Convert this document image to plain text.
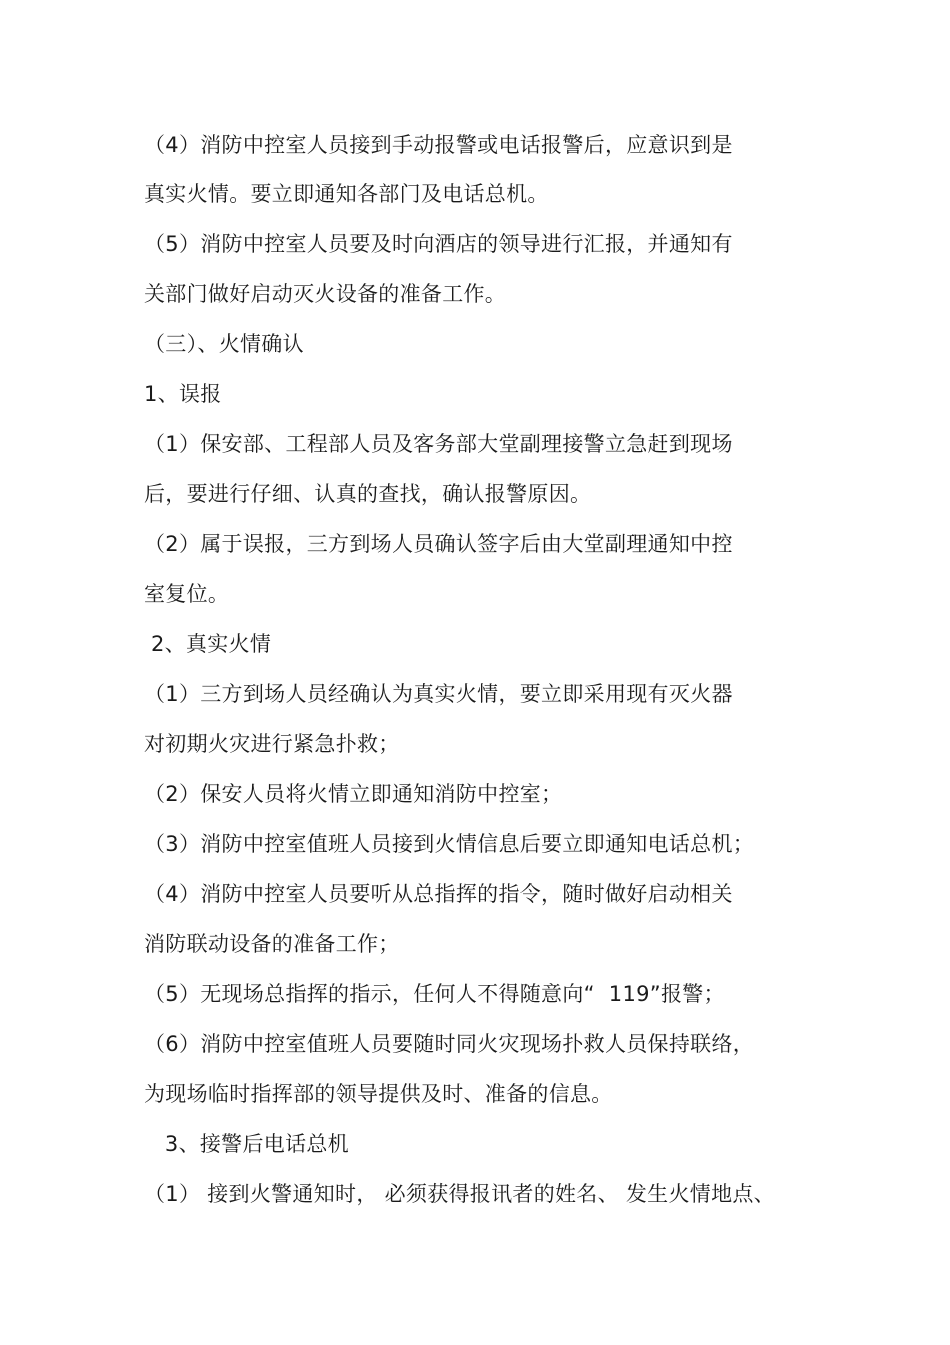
（4）消防中控室人员接到手动报警或电话报警后，应意识到是
真实火情。要立即通知各部门及电话总机。
（5）消防中控室人员要及时向酒店的领导进行汇报，并通知有
关部门做好启动灭火设备的准备工作。
（三）、火情确认
1、误报
（1）保安部、工程部人员及客务部大堂副理接警立急赶到现场
后，要进行仔细、认真的查找，确认报警原因。
（2）属于误报，三方到场人员确认签字后由大堂副理通知中控
室复位。
2、真实火情
（1）三方到场人员经确认为真实火情，要立即采用现有灭火器
对初期火灾进行紧急扑救；
（2）保安人员将火情立即通知消防中控室；
（3）消防中控室值班人员接到火情信息后要立即通知电话总机；
（4）消防中控室人员要听从总指挥的指令，随时做好启动相关
消防联动设备的准备工作；
（5）无现场总指挥的指示，任何人不得随意向“  119”报警；
（6）消防中控室值班人员要随时同火灾现场扑救人员保持联络，
为现场临时指挥部的领导提供及时、准备的信息。
3、接警后电话总机
（1） 接到火警通知时， 必须获得报讯者的姓名、 发生火情地点、
